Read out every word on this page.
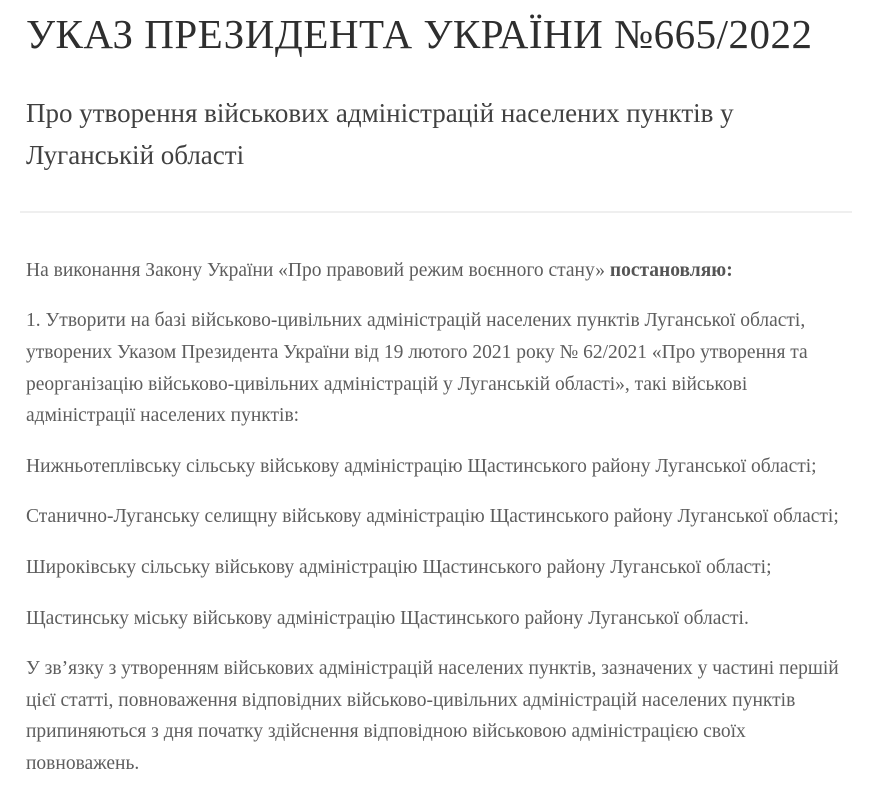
УКАЗ ПРЕЗИДЕНТА УКРАЇНИ №665/2022
Про утворення військових адміністрацій населених пунктів у Луганській області

На виконання Закону України «Про правовий режим воєнного стану» постановляю:

1. Утворити на базі військово-цивільних адміністрацій населених пунктів Луганської області, утворених Указом Президента України від 19 лютого 2021 року № 62/2021 «Про утворення та реорганізацію військово-цивільних адміністрацій у Луганській області», такі військові адміністрації населених пунктів:

Нижньотеплівську сільську військову адміністрацію Щастинського району Луганської області;

Станично-Луганську селищну військову адміністрацію Щастинського району Луганської області;

Широківську сільську військову адміністрацію Щастинського району Луганської області;

Щастинську міську військову адміністрацію Щастинського району Луганської області.

У зв’язку з утворенням військових адміністрацій населених пунктів, зазначених у частині першій цієї статті, повноваження відповідних військово-цивільних адміністрацій населених пунктів припиняються з дня початку здійснення відповідною військовою адміністрацією своїх повноважень.
